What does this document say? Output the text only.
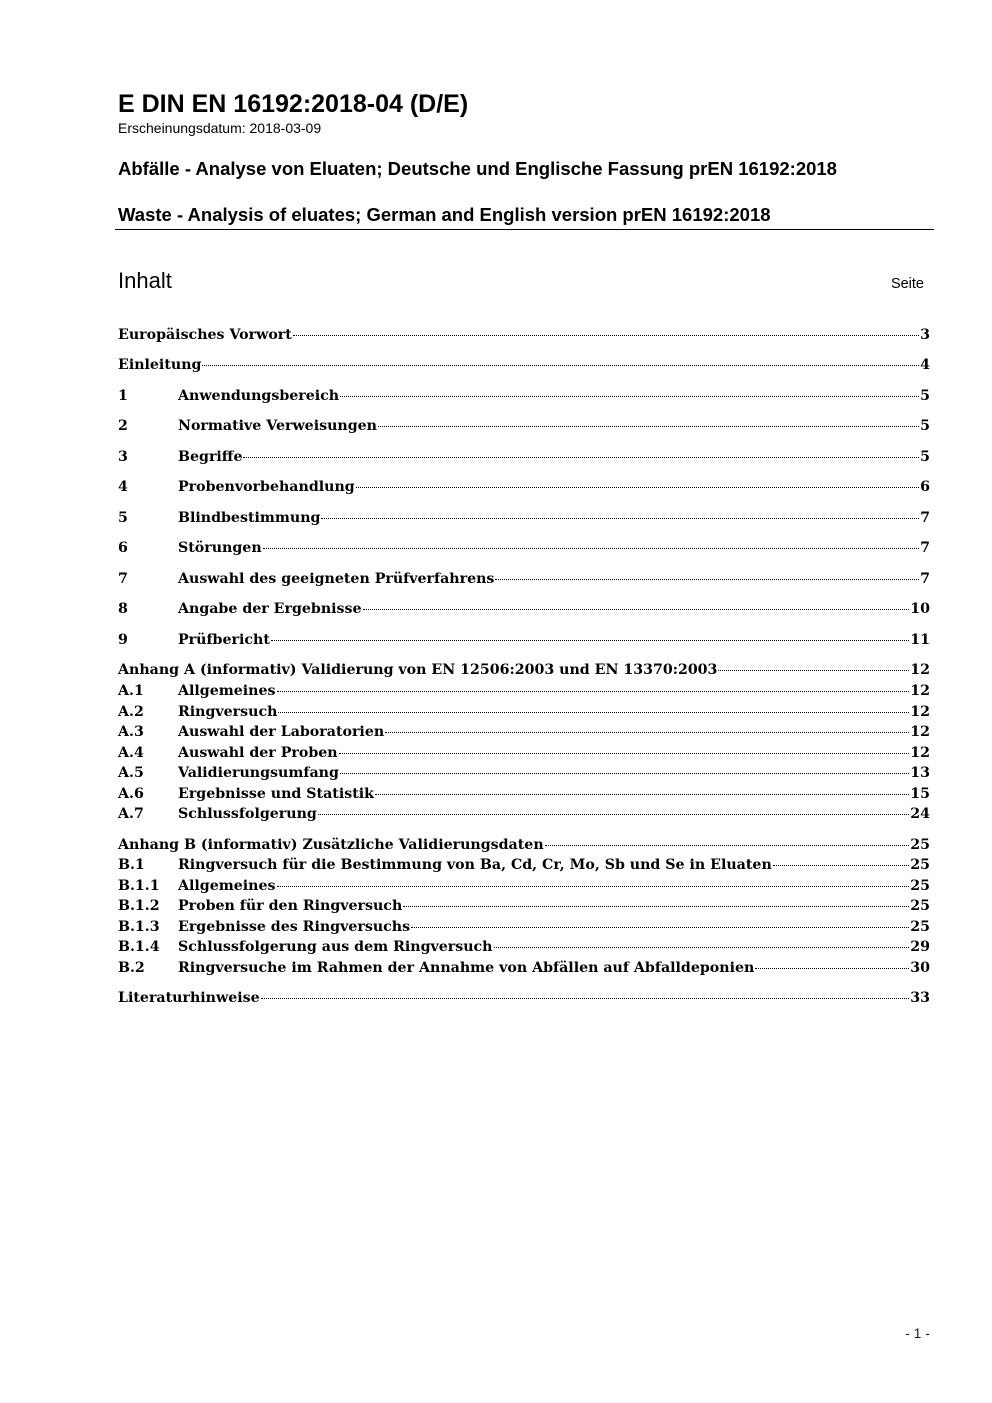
E DIN EN 16192:2018-04 (D/E)
Erscheinungsdatum: 2018-03-09
Abfälle - Analyse von Eluaten; Deutsche und Englische Fassung prEN 16192:2018
Waste - Analysis of eluates; German and English version prEN 16192:2018
Inhalt	Seite
Europäisches Vorwort	3
Einleitung	4
1	Anwendungsbereich	5
2	Normative Verweisungen	5
3	Begriffe	5
4	Probenvorbehandlung	6
5	Blindbestimmung	7
6	Störungen	7
7	Auswahl des geeigneten Prüfverfahrens	7
8	Angabe der Ergebnisse	10
9	Prüfbericht	11
Anhang A (informativ) Validierung von EN 12506:2003 und EN 13370:2003	12
A.1	Allgemeines	12
A.2	Ringversuch	12
A.3	Auswahl der Laboratorien	12
A.4	Auswahl der Proben	12
A.5	Validierungsumfang	13
A.6	Ergebnisse und Statistik	15
A.7	Schlussfolgerung	24
Anhang B (informativ) Zusätzliche Validierungsdaten	25
B.1	Ringversuch für die Bestimmung von Ba, Cd, Cr, Mo, Sb und Se in Eluaten	25
B.1.1	Allgemeines	25
B.1.2	Proben für den Ringversuch	25
B.1.3	Ergebnisse des Ringversuchs	25
B.1.4	Schlussfolgerung aus dem Ringversuch	29
B.2	Ringversuche im Rahmen der Annahme von Abfällen auf Abfalldeponien	30
Literaturhinweise	33
- 1 -
